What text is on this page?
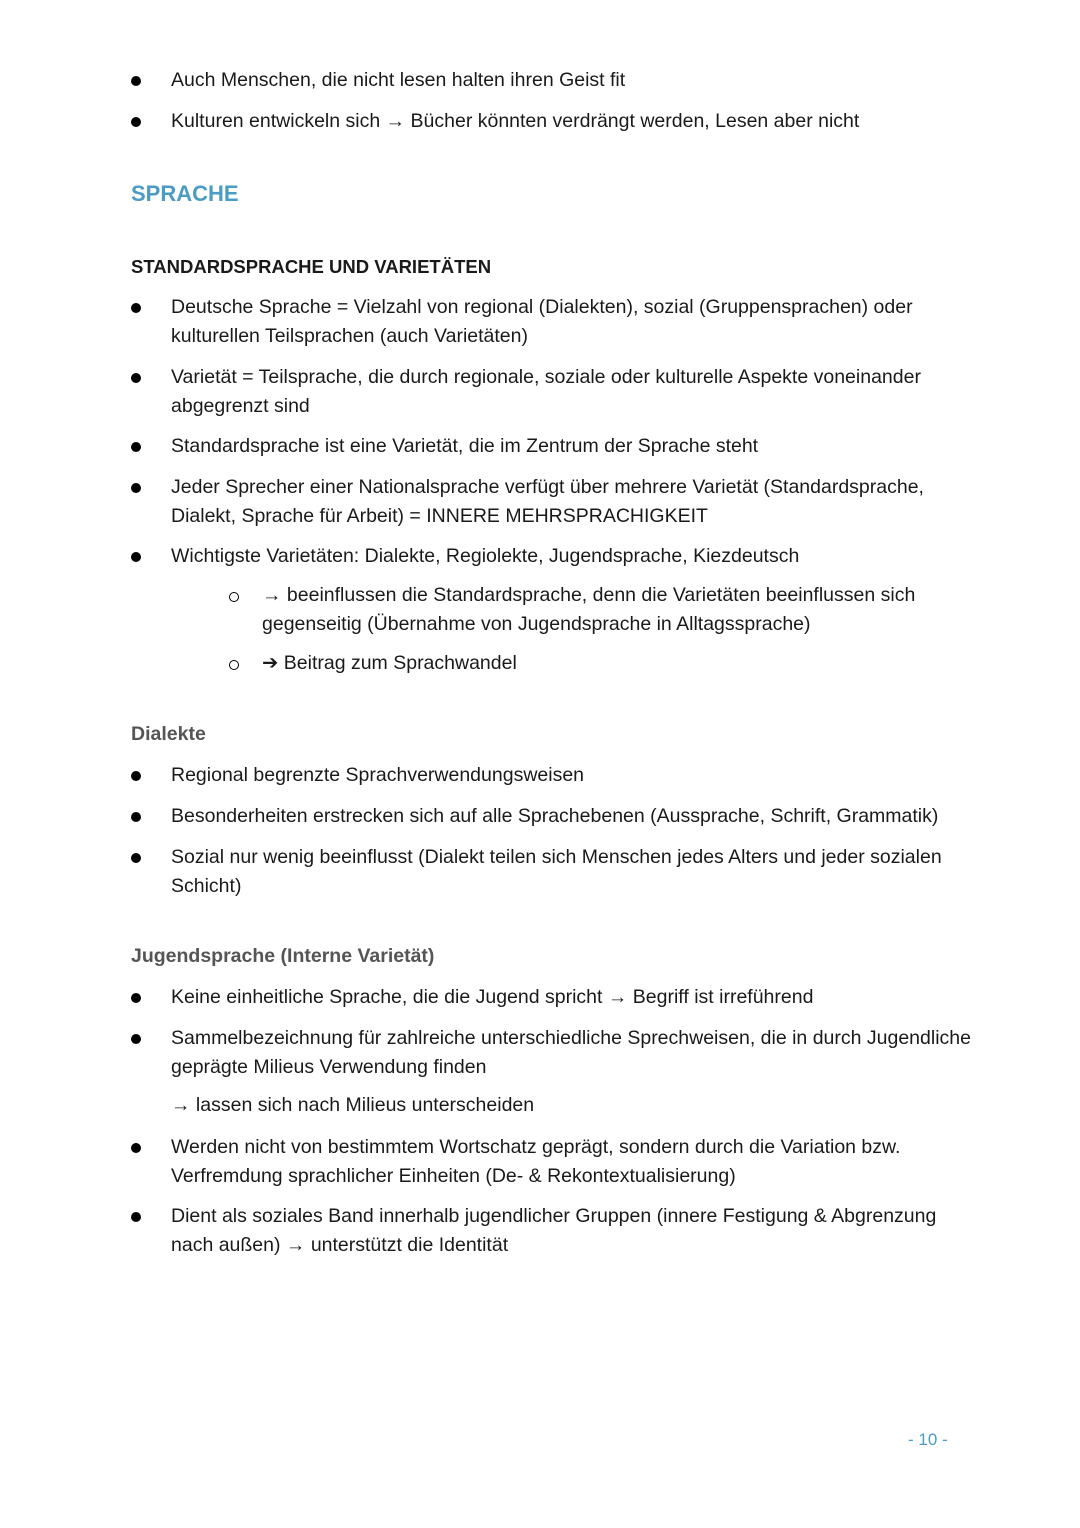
Auch Menschen, die nicht lesen halten ihren Geist fit
Kulturen entwickeln sich → Bücher könnten verdrängt werden, Lesen aber nicht
SPRACHE
STANDARDSPRACHE UND VARIETÄTEN
Deutsche Sprache = Vielzahl von regional (Dialekten), sozial (Gruppensprachen) oder kulturellen Teilsprachen (auch Varietäten)
Varietät = Teilsprache, die durch regionale, soziale oder kulturelle Aspekte voneinander abgegrenzt sind
Standardsprache ist eine Varietät, die im Zentrum der Sprache steht
Jeder Sprecher einer Nationalsprache verfügt über mehrere Varietät (Standardsprache, Dialekt, Sprache für Arbeit) = INNERE MEHRSPRACHIGKEIT
Wichtigste Varietäten: Dialekte, Regiolekte, Jugendsprache, Kiezdeutsch
→ beeinflussen die Standardsprache, denn die Varietäten beeinflussen sich gegenseitig (Übernahme von Jugendsprache in Alltagssprache)
➔ Beitrag zum Sprachwandel
Dialekte
Regional begrenzte Sprachverwendungsweisen
Besonderheiten erstrecken sich auf alle Sprachebenen (Aussprache, Schrift, Grammatik)
Sozial nur wenig beeinflusst (Dialekt teilen sich Menschen jedes Alters und jeder sozialen Schicht)
Jugendsprache (Interne Varietät)
Keine einheitliche Sprache, die die Jugend spricht → Begriff ist irreführend
Sammelbezeichnung für zahlreiche unterschiedliche Sprechweisen, die in durch Jugendliche geprägte Milieus Verwendung finden
→ lassen sich nach Milieus unterscheiden
Werden nicht von bestimmtem Wortschatz geprägt, sondern durch die Variation bzw. Verfremdung sprachlicher Einheiten (De- & Rekontextualisierung)
Dient als soziales Band innerhalb jugendlicher Gruppen (innere Festigung & Abgrenzung nach außen) → unterstützt die Identität
- 10 -
